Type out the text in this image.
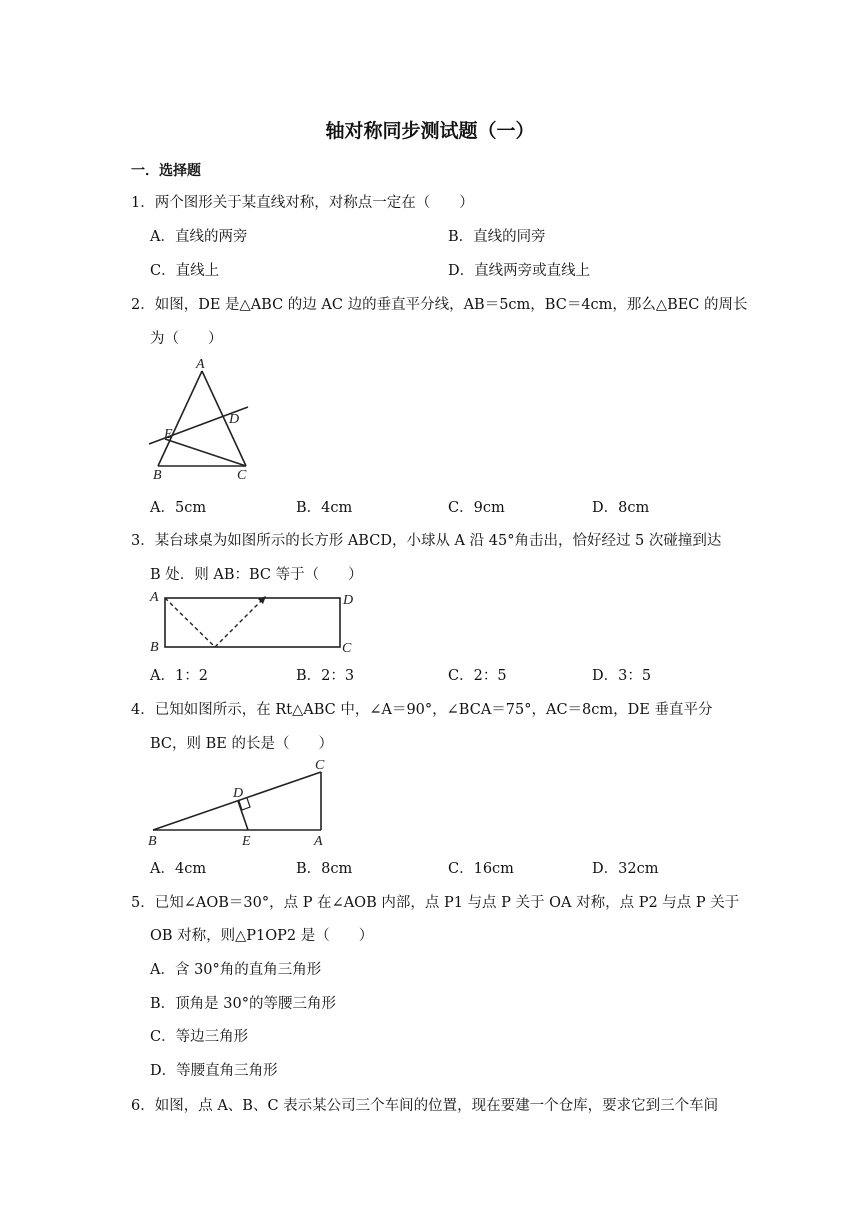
轴对称同步测试题（一）
一．选择题
1．两个图形关于某直线对称，对称点一定在（　　）
A．直线的两旁	B．直线的同旁
C．直线上	D．直线两旁或直线上
2．如图，DE 是△ABC 的边 AC 边的垂直平分线，AB＝5cm，BC＝4cm，那么△BEC 的周长
为（　　）
A
D
E
B	C
A．5cm	B．4cm	C．9cm	D．8cm
3．某台球桌为如图所示的长方形 ABCD，小球从 A 沿 45°角击出，恰好经过 5 次碰撞到达
B 处．则 AB：BC 等于（　　）
A	D
B	C
A．1：2	B．2：3	C．2：5	D．3：5
4．已知如图所示，在 Rt△ABC 中，∠A＝90°，∠BCA＝75°，AC＝8cm，DE 垂直平分
BC，则 BE 的长是（　　）
C
D
B	E	A
A．4cm	B．8cm	C．16cm	D．32cm
5．已知∠AOB＝30°，点 P 在∠AOB 内部，点 P1 与点 P 关于 OA 对称，点 P2 与点 P 关于
OB 对称，则△P1OP2 是（　　）
A．含 30°角的直角三角形
B．顶角是 30°的等腰三角形
C．等边三角形
D．等腰直角三角形
6．如图，点 A、B、C 表示某公司三个车间的位置，现在要建一个仓库，要求它到三个车间
